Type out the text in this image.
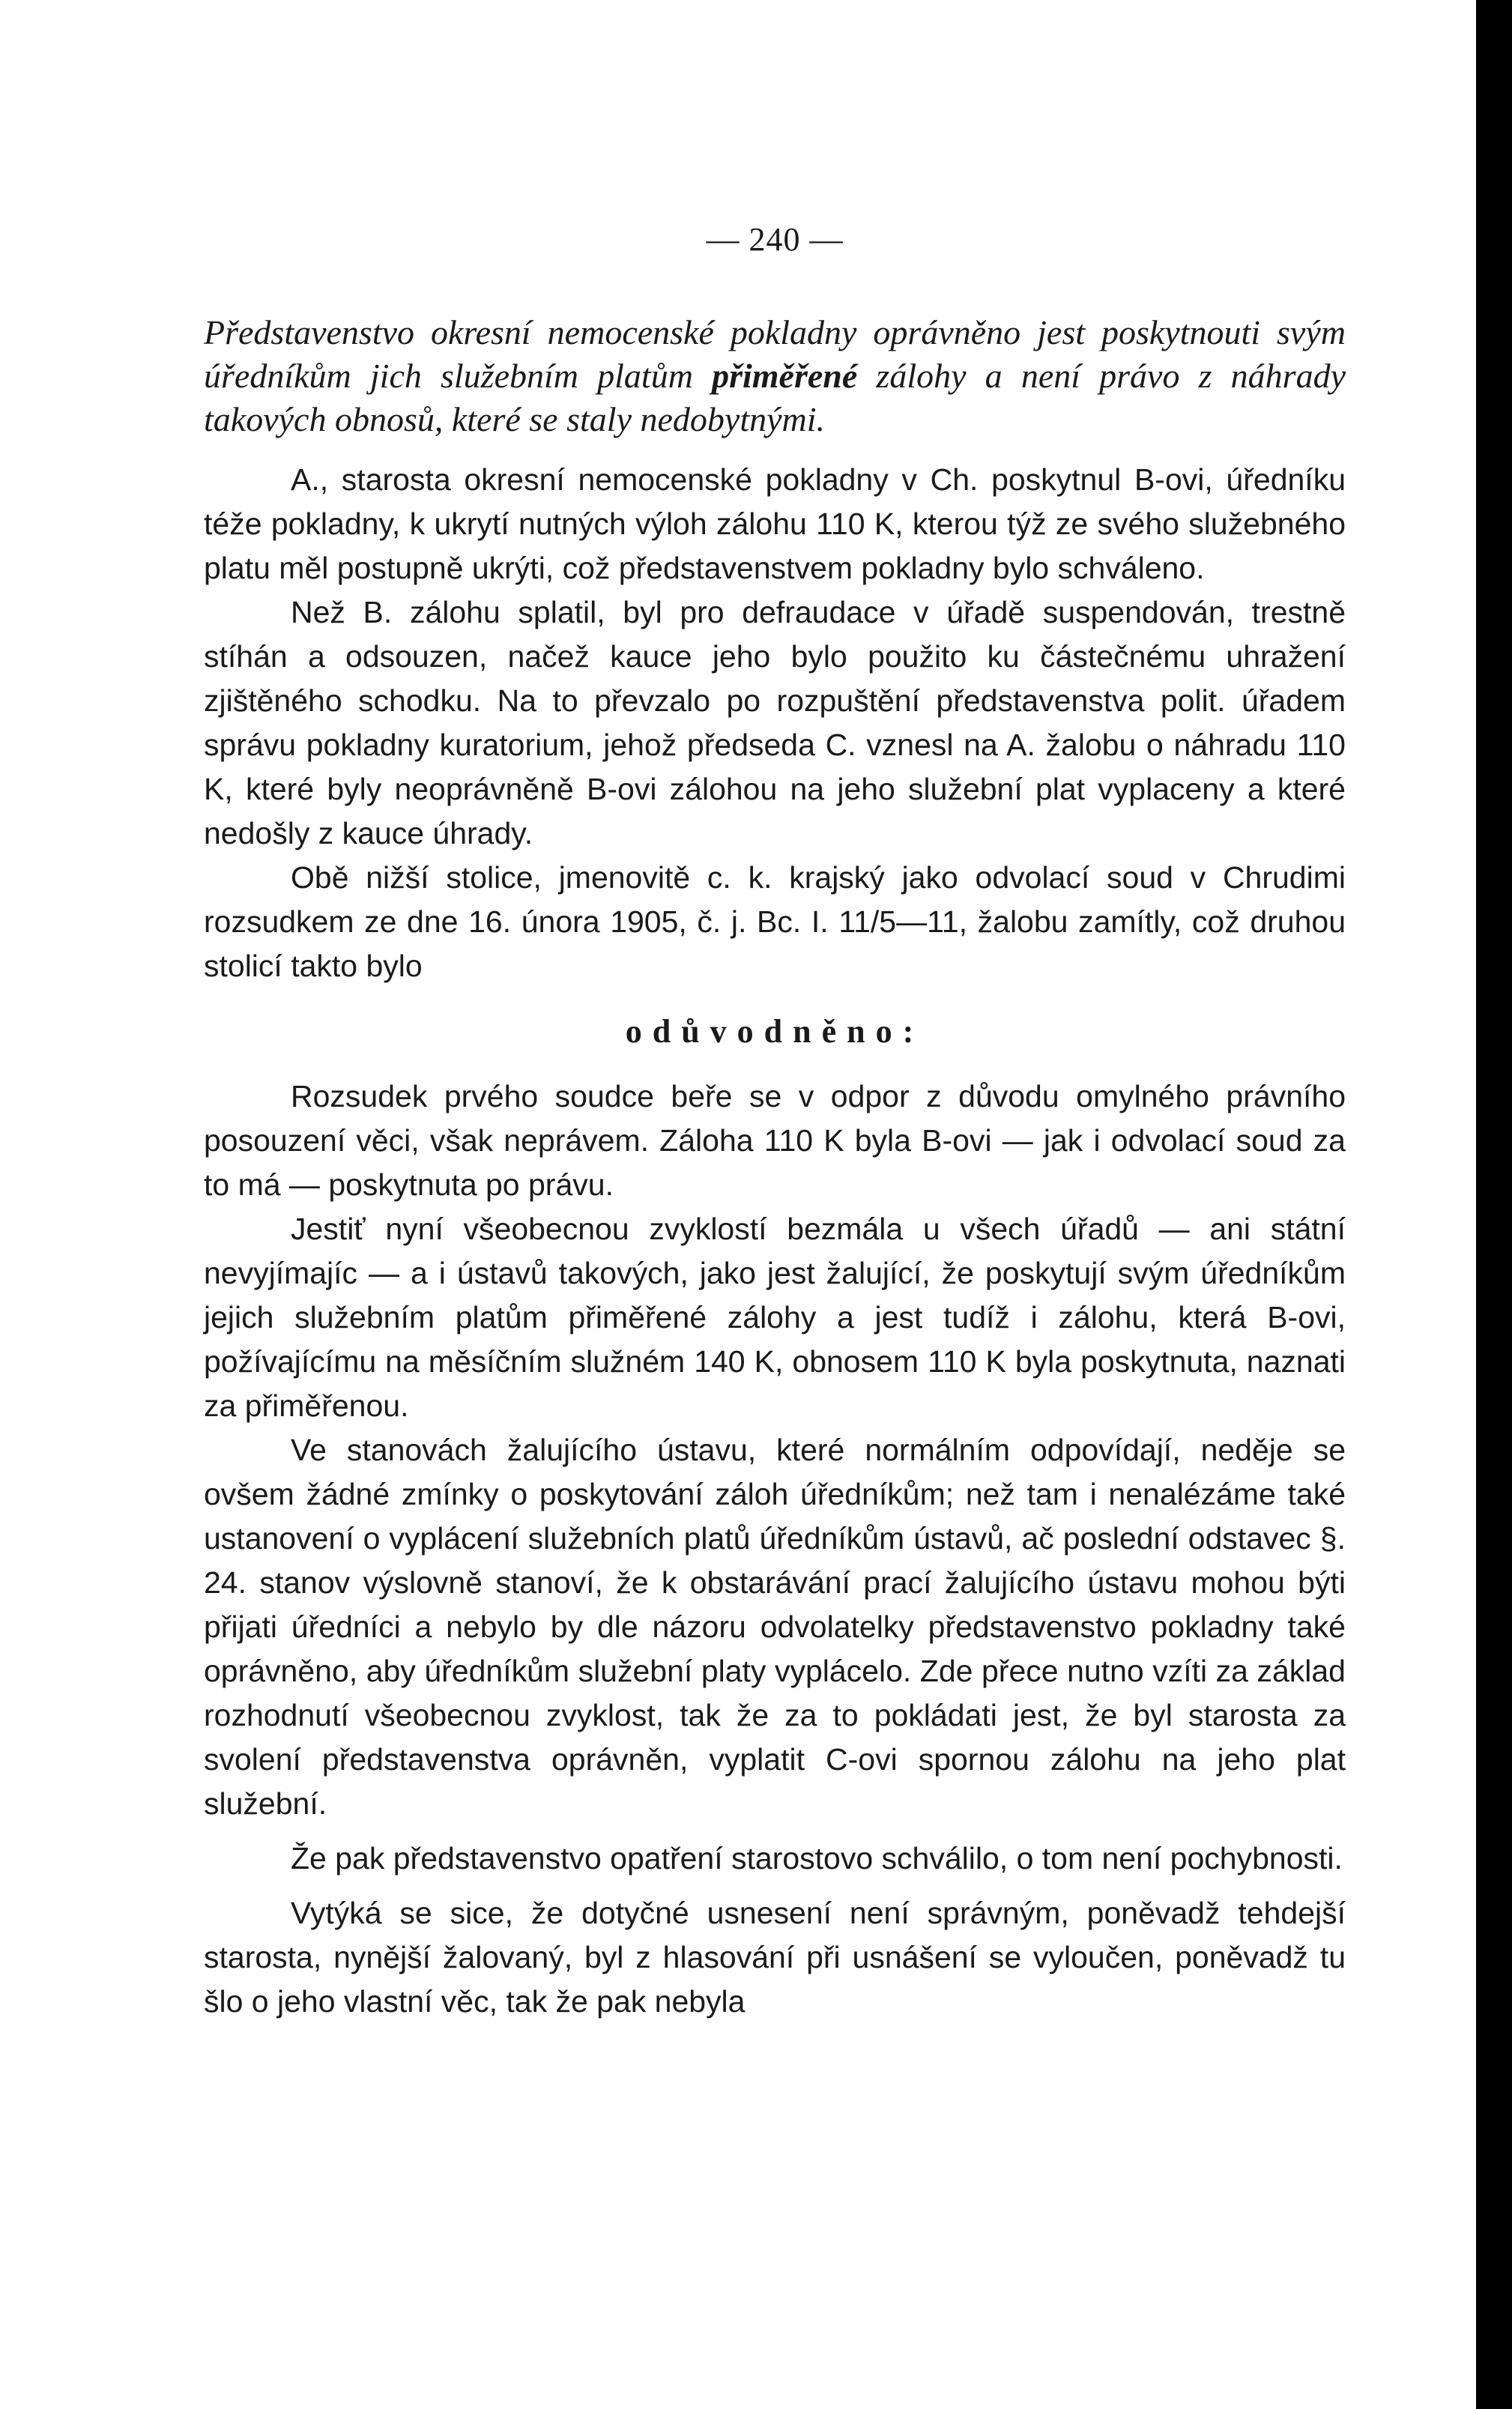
— 240 —
Představenstvo okresní nemocenské pokladny oprávněno jest poskytnouti svým úředníkům jich služebním platům přiměřené zálohy a není právo z náhrady takových obnosů, které se staly nedobytnými.

A., starosta okresní nemocenské pokladny v Ch. poskytnul B-ovi, úředníku téže pokladny, k ukrytí nutných výloh zálohu 110 K, kterou týž ze svého služebného platu měl postupně ukrýti, což představenstvem pokladny bylo schváleno.

Než B. zálohu splatil, byl pro defraudace v úřadě suspendován, trestně stíhán a odsouzen, načež kauce jeho bylo použito ku částečnému uhražení zjištěného schodku. Na to převzalo po rozpuštění představenstva polit. úřadem správu pokladny kuratorium, jehož předseda C. vznesl na A. žalobu o náhradu 110 K, které byly neoprávněně B-ovi zálohou na jeho služební plat vyplaceny a které nedošly z kauce úhrady.

Obě nižší stolice, jmenovitě c. k. krajský jako odvolací soud v Chrudimi rozsudkem ze dne 16. února 1905, č. j. Bc. I. 11/5—11, žalobu zamítly, což druhou stolicí takto bylo

odůvodněno:

Rozsudek prvého soudce beře se v odpor z důvodu omylného právního posouzení věci, však neprávem. Záloha 110 K byla B-ovi — jak i odvolací soud za to má — poskytnuta po právu.

Jestiť nyní všeobecnou zvyklostí bezmála u všech úřadů — ani státní nevyjímajíc — a i ústavů takových, jako jest žalující, že poskytují svým úředníkům jejich služebním platům přiměřené zálohy a jest tudíž i zálohu, která B-ovi, požívajícímu na měsíčním služném 140 K, obnosem 110 K byla poskytnuta, naznati za přiměřenou.

Ve stanovách žalujícího ústavu, které normálním odpovídají, neděje se ovšem žádné zmínky o poskytování záloh úředníkům; než tam i nenalézáme také ustanovení o vyplácení služebních platů úředníkům ústavů, ač poslední odstavec §. 24. stanov výslovně stanoví, že k obstarávání prací žalujícího ústavu mohou býti přijati úředníci a nebylo by dle názoru odvolatelky představenstvo pokladny také oprávněno, aby úředníkům služební platy vyplácelo. Zde přece nutno vzíti za základ rozhodnutí všeobecnou zvyklost, tak že za to pokládati jest, že byl starosta za svolení představenstva oprávněn, vyplatit C-ovi spornou zálohu na jeho plat služební.

Že pak představenstvo opatření starostovo schválilo, o tom není pochybnosti.

Vytýká se sice, že dotyčné usnesení není správným, poněvadž tehdejší starosta, nynější žalovaný, byl z hlasování při usnášení se vyloučen, poněvadž tu šlo o jeho vlastní věc, tak že pak nebyla
